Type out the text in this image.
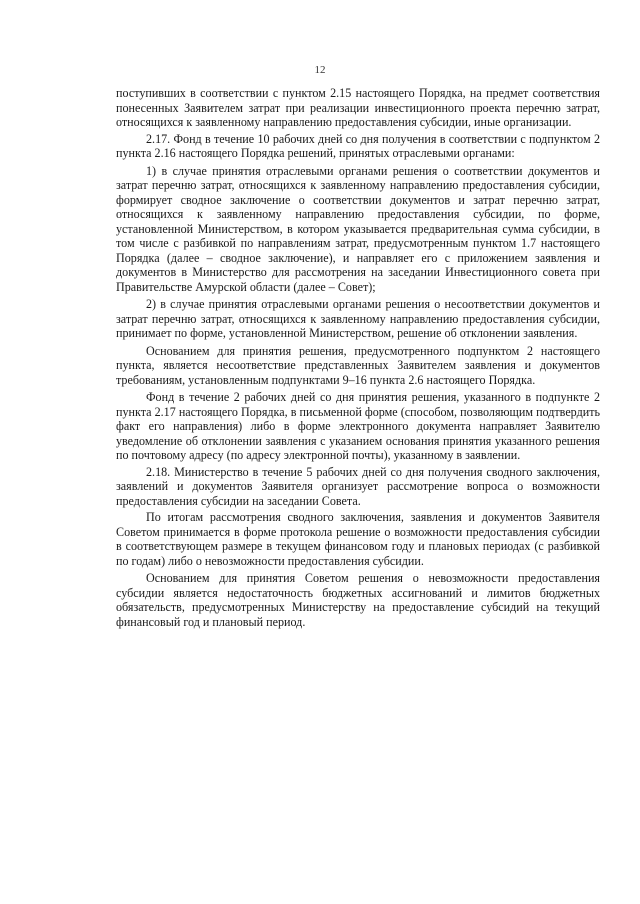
12

поступивших в соответствии с пунктом 2.15 настоящего Порядка, на предмет соответствия понесенных Заявителем затрат при реализации инвестиционного проекта перечню затрат, относящихся к заявленному направлению предоставления субсидии, иные организации.

2.17. Фонд в течение 10 рабочих дней со дня получения в соответствии с подпунктом 2 пункта 2.16 настоящего Порядка решений, принятых отраслевыми органами:

1) в случае принятия отраслевыми органами решения о соответствии документов и затрат перечню затрат, относящихся к заявленному направлению предоставления субсидии, формирует сводное заключение о соответствии документов и затрат перечню затрат, относящихся к заявленному направлению предоставления субсидии, по форме, установленной Министерством, в котором указывается предварительная сумма субсидии, в том числе с разбивкой по направлениям затрат, предусмотренным пунктом 1.7 настоящего Порядка (далее – сводное заключение), и направляет его с приложением заявления и документов в Министерство для рассмотрения на заседании Инвестиционного совета при Правительстве Амурской области (далее – Совет);

2) в случае принятия отраслевыми органами решения о несоответствии документов и затрат перечню затрат, относящихся к заявленному направлению предоставления субсидии, принимает по форме, установленной Министерством, решение об отклонении заявления.

Основанием для принятия решения, предусмотренного подпунктом 2 настоящего пункта, является несоответствие представленных Заявителем заявления и документов требованиям, установленным подпунктами 9–16 пункта 2.6 настоящего Порядка.

Фонд в течение 2 рабочих дней со дня принятия решения, указанного в подпункте 2 пункта 2.17 настоящего Порядка, в письменной форме (способом, позволяющим подтвердить факт его направления) либо в форме электронного документа направляет Заявителю уведомление об отклонении заявления с указанием основания принятия указанного решения по почтовому адресу (по адресу электронной почты), указанному в заявлении.

2.18. Министерство в течение 5 рабочих дней со дня получения сводного заключения, заявлений и документов Заявителя организует рассмотрение вопроса о возможности предоставления субсидии на заседании Совета.

По итогам рассмотрения сводного заключения, заявления и документов Заявителя Советом принимается в форме протокола решение о возможности предоставления субсидии в соответствующем размере в текущем финансовом году и плановых периодах (с разбивкой по годам) либо о невозможности предоставления субсидии.

Основанием для принятия Советом решения о невозможности предоставления субсидии является недостаточность бюджетных ассигнований и лимитов бюджетных обязательств, предусмотренных Министерству на предоставление субсидий на текущий финансовый год и плановый период.
